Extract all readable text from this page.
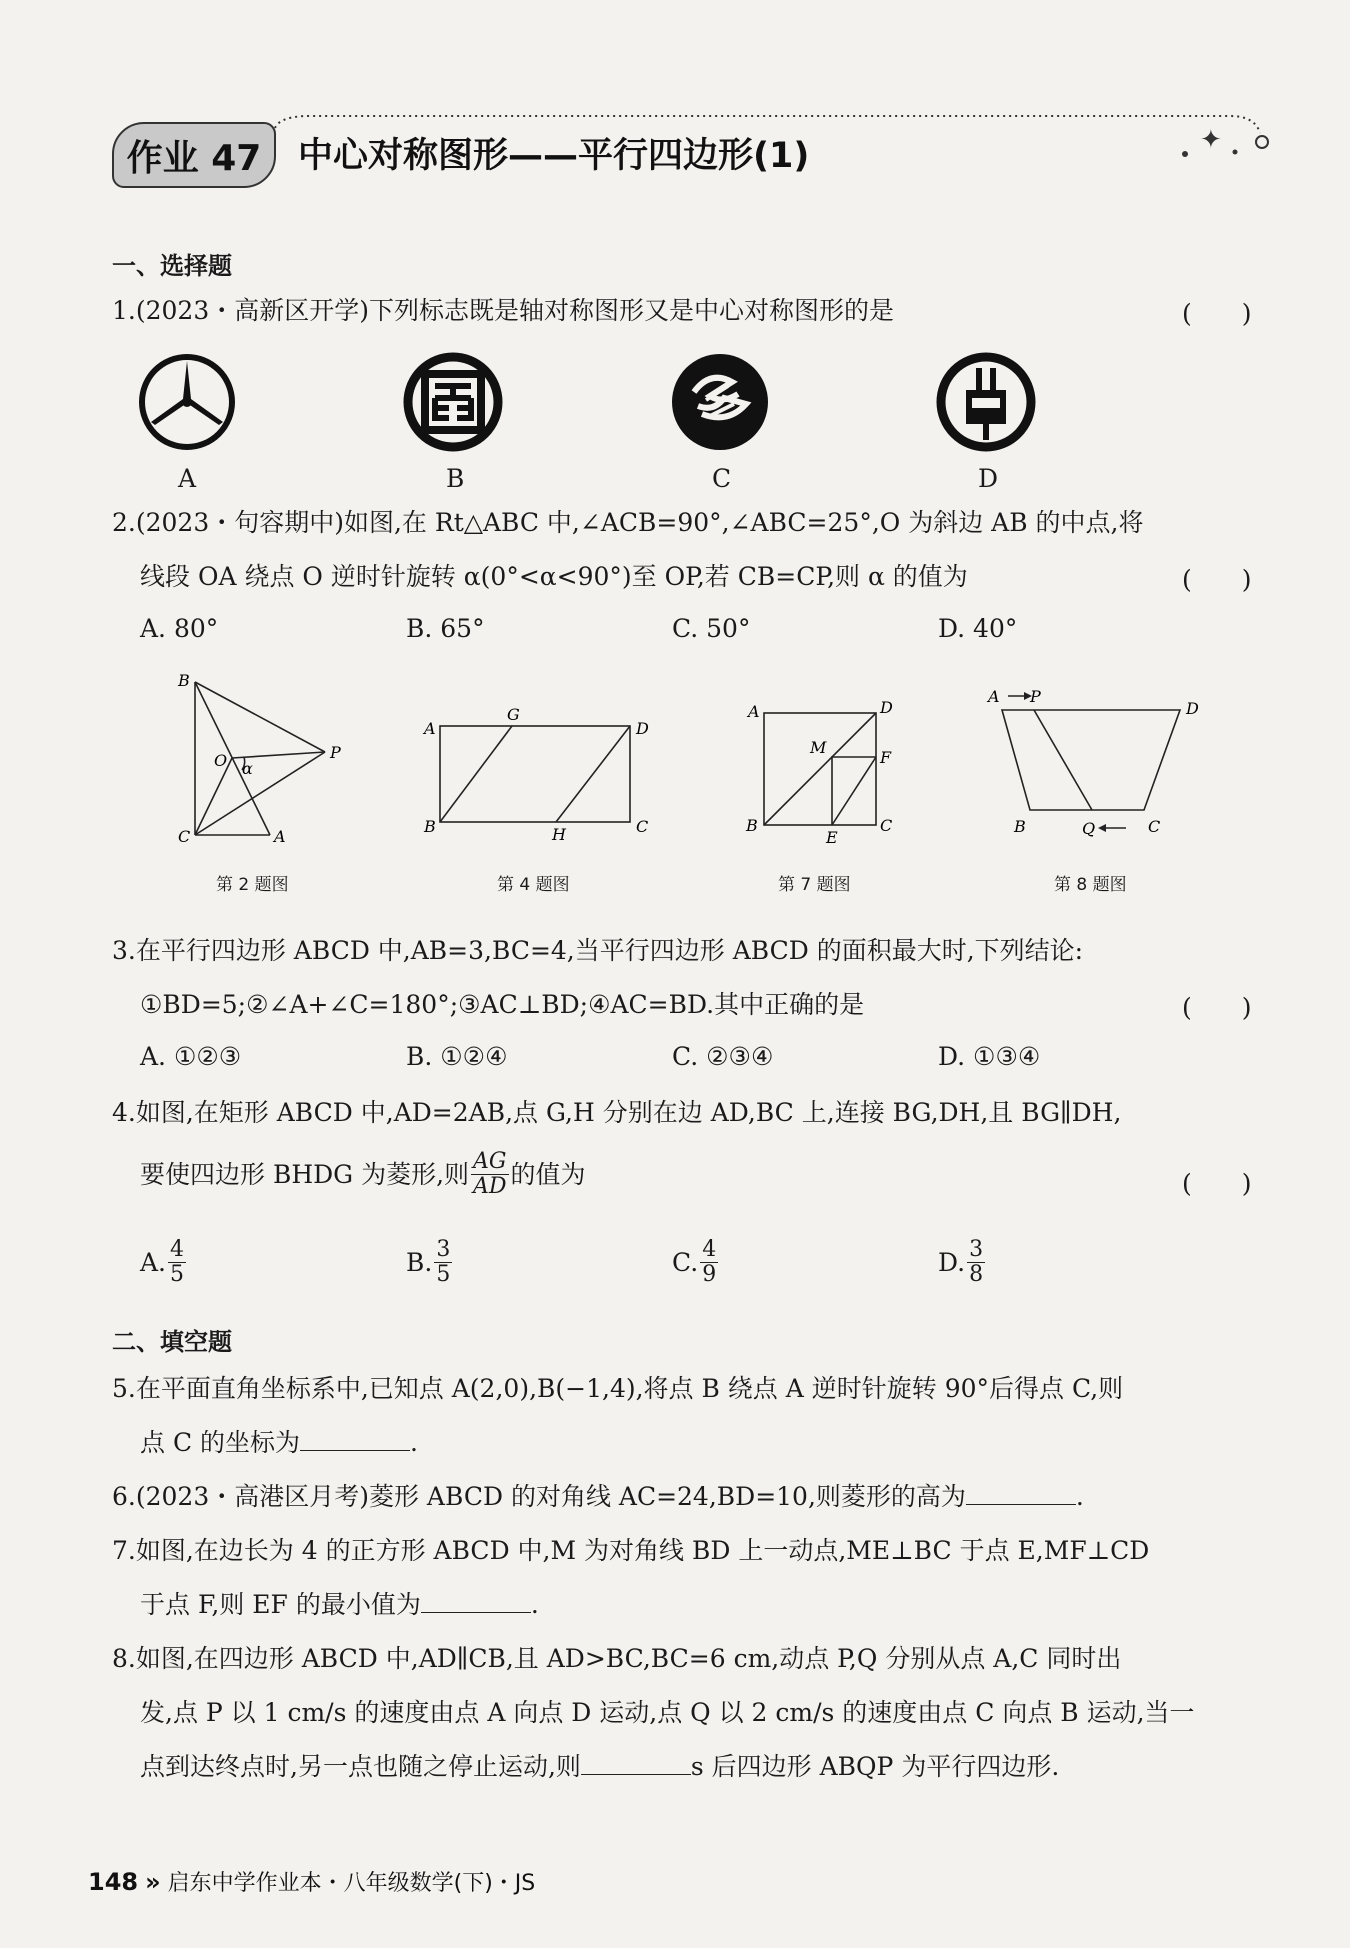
✦
作业 47	中心对称图形——平行四边形(1)
一、选择题
1.(2023・高新区开学)下列标志既是轴对称图形又是中心对称图形的是	(　　)
A	B	C	D
2.(2023・句容期中)如图,在 Rt△ABC 中,∠ACB=90°,∠ABC=25°,O 为斜边 AB 的中点,将
线段 OA 绕点 O 逆时针旋转 α(0°<α<90°)至 OP,若 CB=CP,则 α 的值为	(　　)
A. 80°	B. 65°	C. 50°	D. 40°
B
O α
P
C	A
A
G
D
B	H	C
A	D
M
F
B
E
C
A P
D
B	Q	C
第 2 题图	第 4 题图	第 7 题图	第 8 题图
3.在平行四边形 ABCD 中,AB=3,BC=4,当平行四边形 ABCD 的面积最大时,下列结论:
①BD=5;②∠A+∠C=180°;③AC⊥BD;④AC=BD.其中正确的是	(　　)
A. ①②③	B. ①②④	C. ②③④	D. ①③④
4.如图,在矩形 ABCD 中,AD=2AB,点 G,H 分别在边 AD,BC 上,连接 BG,DH,且 BG∥DH,
要使四边形 BHDG 为菱形,则 $\frac{AG}{AD}$ 的值为	(　　)
A. $\frac{4}{5}$	B. $\frac{3}{5}$	C. $\frac{4}{9}$	D. $\frac{3}{8}$
二、填空题
5.在平面直角坐标系中,已知点 A(2,0),B(−1,4),将点 B 绕点 A 逆时针旋转 90°后得点 C,则
点 C 的坐标为	.
6.(2023・高港区月考)菱形 ABCD 的对角线 AC=24,BD=10,则菱形的高为	.
7.如图,在边长为 4 的正方形 ABCD 中,M 为对角线 BD 上一动点,ME⊥BC 于点 E,MF⊥CD
于点 F,则 EF 的最小值为	.
8.如图,在四边形 ABCD 中,AD∥CB,且 AD>BC,BC=6 cm,动点 P,Q 分别从点 A,C 同时出
发,点 P 以 1 cm/s 的速度由点 A 向点 D 运动,点 Q 以 2 cm/s 的速度由点 C 向点 B 运动,当一
点到达终点时,另一点也随之停止运动,则	s 后四边形 ABQP 为平行四边形.
148 » 启东中学作业本・八年级数学(下)・JS
